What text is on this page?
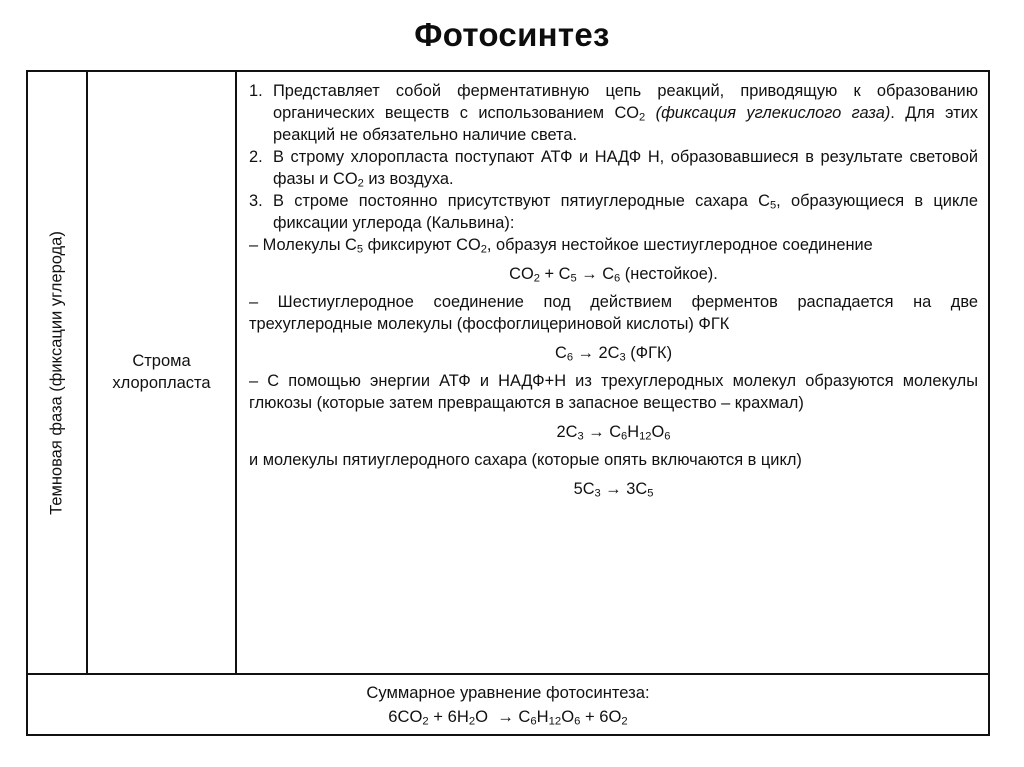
Фотосинтез
Темновая фаза (фиксации углерода)	Строма
хлоропласта

1. Представляет собой ферментативную цепь реакций, приводящую к образованию органических веществ с использованием $CO_2$ (фиксация углекислого газа). Для этих реакций не обязательно наличие света.

2. В строму хлоропласта поступают АТФ и НАДФ Н, образовавшиеся в результате световой фазы и $CO_2$ из воздуха.

3. В строме постоянно присутствуют пятиуглеродные сахара $C_5$, образующиеся в цикле фиксации углерода (Кальвина):

– Молекулы $C_5$ фиксируют $CO_2$, образуя нестойкое шестиуглеродное соединение

$CO_2 + C_5 \to C_6$ (нестойкое).

– Шестиуглеродное соединение под действием ферментов распадается на две трехуглеродные молекулы (фосфоглицериновой кислоты) ФГК

$C_6 \to 2C_3$ (ФГК)

– С помощью энергии АТФ и НАДФ+Н из трехуглеродных молекул образуются молекулы глюкозы (которые затем превращаются в запасное вещество – крахмал)

$2C_3 \to C_6H_{12}O_6$

и молекулы пятиуглеродного сахара (которые опять включаются в цикл)

$5C_3 \to 3C_5$

Суммарное уравнение фотосинтеза:
$6CO_2 + 6H_2O \to C_6H_{12}O_6 + 6O_2$
